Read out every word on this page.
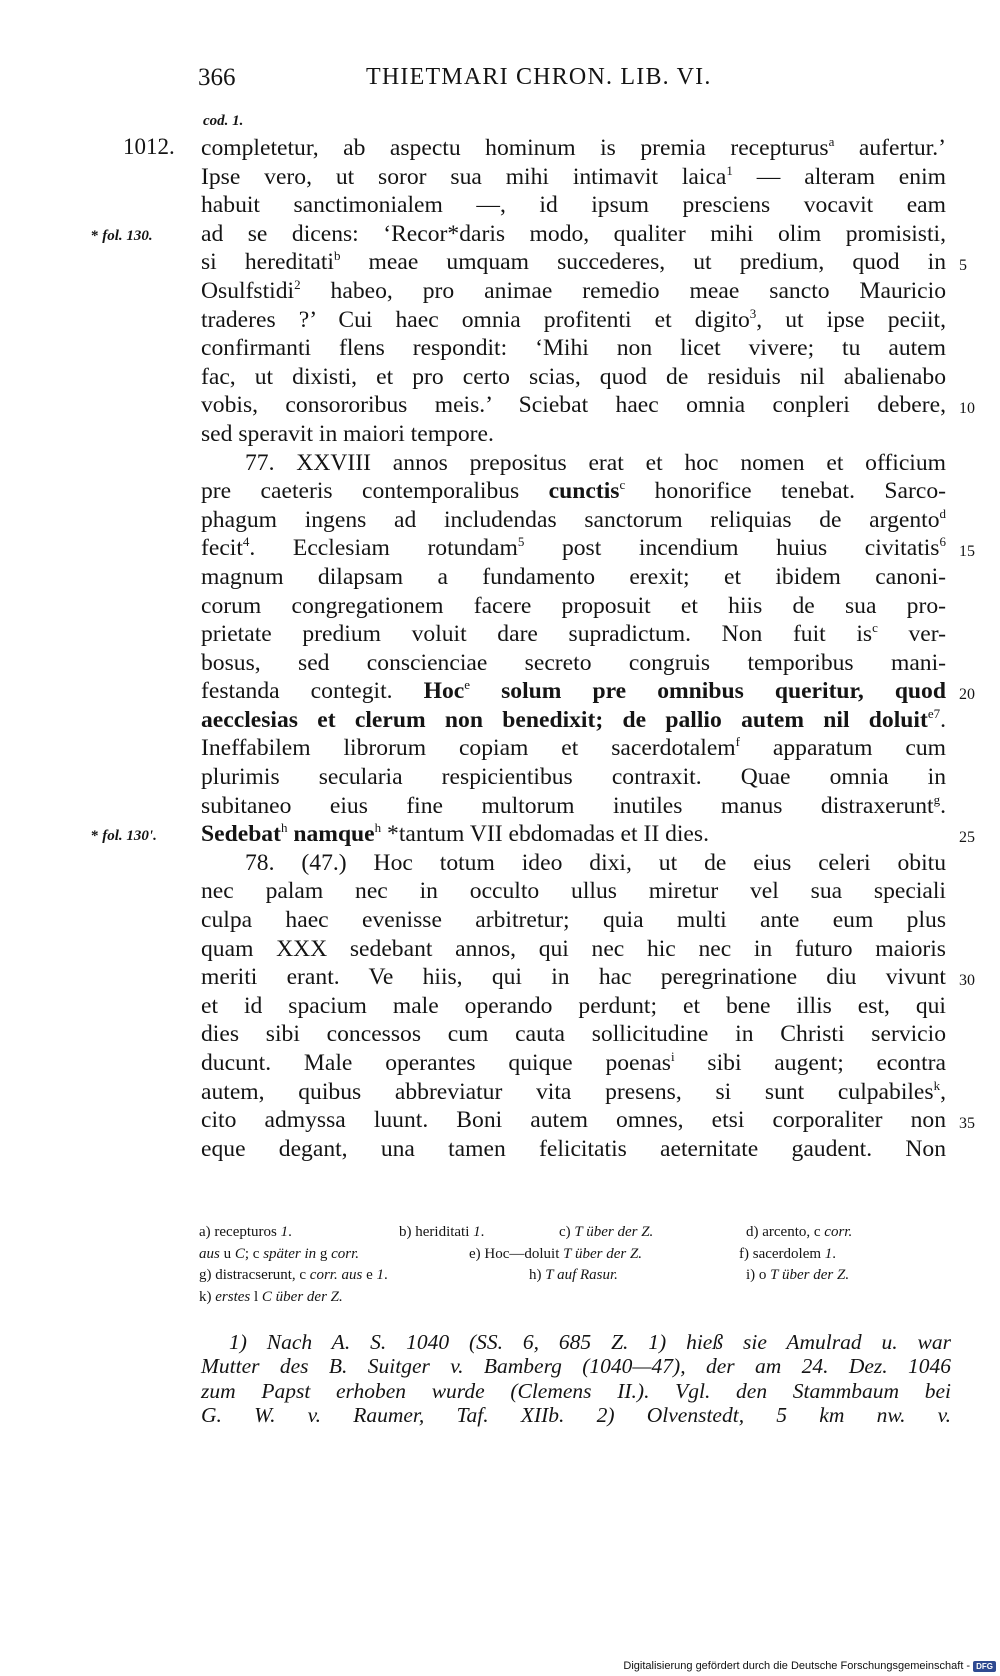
366	THIETMARI CHRON. LIB. VI.
cod. 1.
1012. completetur, ab aspectu hominum is premia recepturus$^a$ aufertur.’
Ipse vero, ut soror sua mihi intimavit laica$^1$ — alteram enim
habuit sanctimonialem —, id ipsum presciens vocavit eam
ad se dicens: ‘Recor*daris modo, qualiter mihi olim promisisti,
* fol. 130.
si hereditati$^b$ meae umquam succederes, ut predium, quod in 5
Osulfstidi$^2$ habeo, pro animae remedio meae sancto Mauricio
traderes ?’ Cui haec omnia profitenti et digito$^3$, ut ipse peciit,
confirmanti flens respondit: ‘Mihi non licet vivere; tu autem
fac, ut dixisti, et pro certo scias, quod de residuis nil abalienabo
vobis, consororibus meis.’ Sciebat haec omnia conpleri debere, 10
sed speravit in maiori tempore.
77. XXVIII annos prepositus erat et hoc nomen et officium
pre caeteris contemporalibus cunctis$^c$ honorifice tenebat. Sarco-
phagum ingens ad includendas sanctorum reliquias de argento$^d$
fecit$^4$. Ecclesiam rotundam$^5$ post incendium huius civitatis$^6$
15
magnum dilapsam a fundamento erexit; et ibidem canoni-
corum congregationem facere proposuit et hiis de sua pro-
prietate predium voluit dare supradictum. Non fuit $is^c$ ver-
bosus, sed conscienciae secreto congruis temporibus mani-
festanda contegit. Hoc$^e$ solum pre omnibus queritur, quod 20
aecclesias et clerum non benedixit; de pallio autem nil doluit$^{e7}$.
Ineffabilem librorum copiam et sacerdotalem$^f$ apparatum cum
plurimis secularia respicientibus contraxit. Quae omnia in
subitaneo eius fine multorum inutiles manus distraxerunt$^g$.
Sedebat$^h$ namque$^h$ *tantum VII ebdomadas et II dies.	25
* fol. 130'.
78. (47.) Hoc totum ideo dixi, ut de eius celeri obitu
nec palam nec in occulto ullus miretur vel sua speciali
culpa haec evenisse arbitretur; quia multi ante eum plus
quam XXX sedebant annos, qui nec hic nec in futuro maioris
meriti erant. Ve hiis, qui in hac peregrinatione diu vivunt 30
et id spacium male operando perdunt; et bene illis est, qui
dies sibi concessos cum cauta sollicitudine in Christi servicio
ducunt. Male operantes quique poenas$^i$ sibi augent; econtra
autem, quibus abbreviatur vita presens, si sunt culpabiles$^k$,
cito admyssa luunt. Boni autem omnes, etsi corporaliter non 35
eque degant, una tamen felicitatis aeternitate gaudent. Non
a) recepturos 1.	b) heriditati 1.	c) T über der Z.	d) arcento, c corr.
aus u C; c später in g corr.	e) Hoc—doluit T über der Z.	f) sacerdolem 1.
g) distracserunt, c corr. aus e 1.	h) T auf Rasur.	i) o T über der Z.
k) erstes l C über der Z.
1) Nach A. S. 1040 (SS. 6, 685 Z. 1) hieß sie Amulrad u. war
Mutter des B. Suitger v. Bamberg (1040—47), der am 24. Dez. 1046
zum Papst erhoben wurde (Clemens II.). Vgl. den Stammbaum bei
G. W. v. Raumer, Taf. XIIb. 2) Olvenstedt, 5 km nw. v.
Digitalisierung gefördert durch die Deutsche Forschungsgemeinschaft - DFG
